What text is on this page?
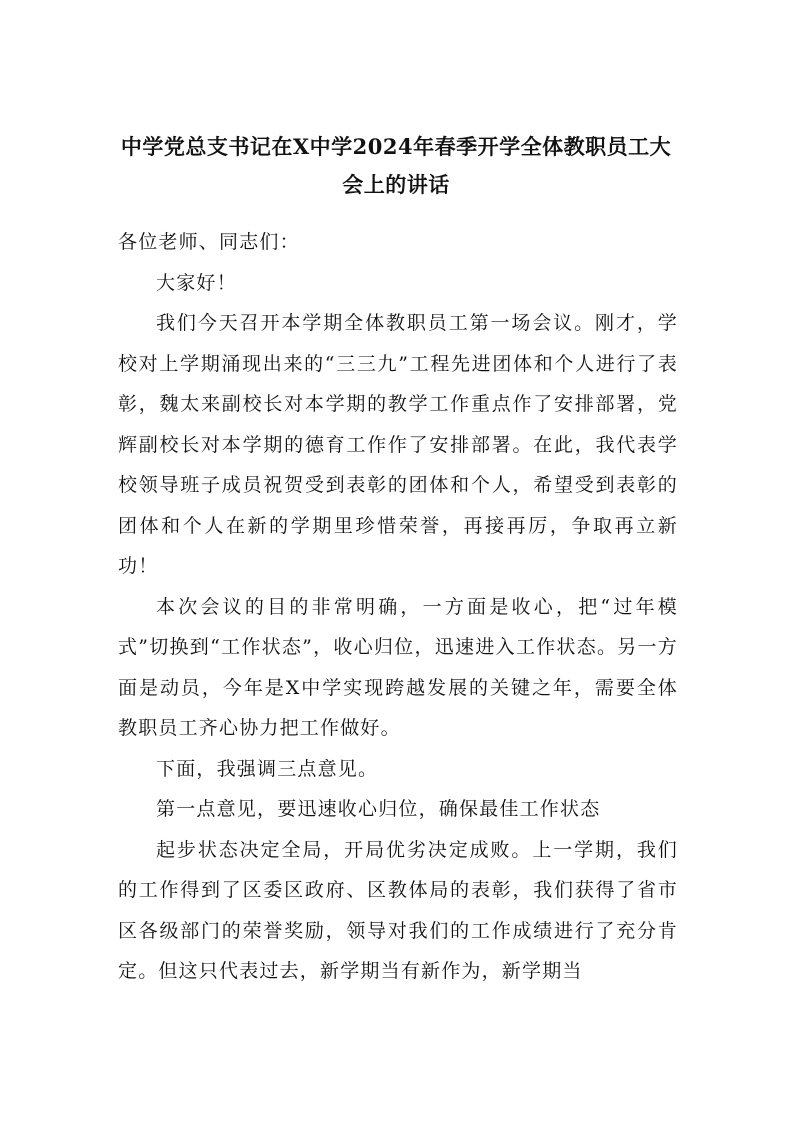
中学党总支书记在X中学2024年春季开学全体教职员工大会上的讲话

各位老师、同志们：

大家好！

我们今天召开本学期全体教职员工第一场会议。刚才，学校对上学期涌现出来的“三三九”工程先进团体和个人进行了表彰，魏太来副校长对本学期的教学工作重点作了安排部署，党辉副校长对本学期的德育工作作了安排部署。在此，我代表学校领导班子成员祝贺受到表彰的团体和个人，希望受到表彰的团体和个人在新的学期里珍惜荣誉，再接再厉，争取再立新功！

本次会议的目的非常明确，一方面是收心，把“过年模式”切换到“工作状态”，收心归位，迅速进入工作状态。另一方面是动员，今年是X中学实现跨越发展的关键之年，需要全体教职员工齐心协力把工作做好。

下面，我强调三点意见。

第一点意见，要迅速收心归位，确保最佳工作状态

起步状态决定全局，开局优劣决定成败。上一学期，我们的工作得到了区委区政府、区教体局的表彰，我们获得了省市区各级部门的荣誉奖励，领导对我们的工作成绩进行了充分肯定。但这只代表过去，新学期当有新作为，新学期当
